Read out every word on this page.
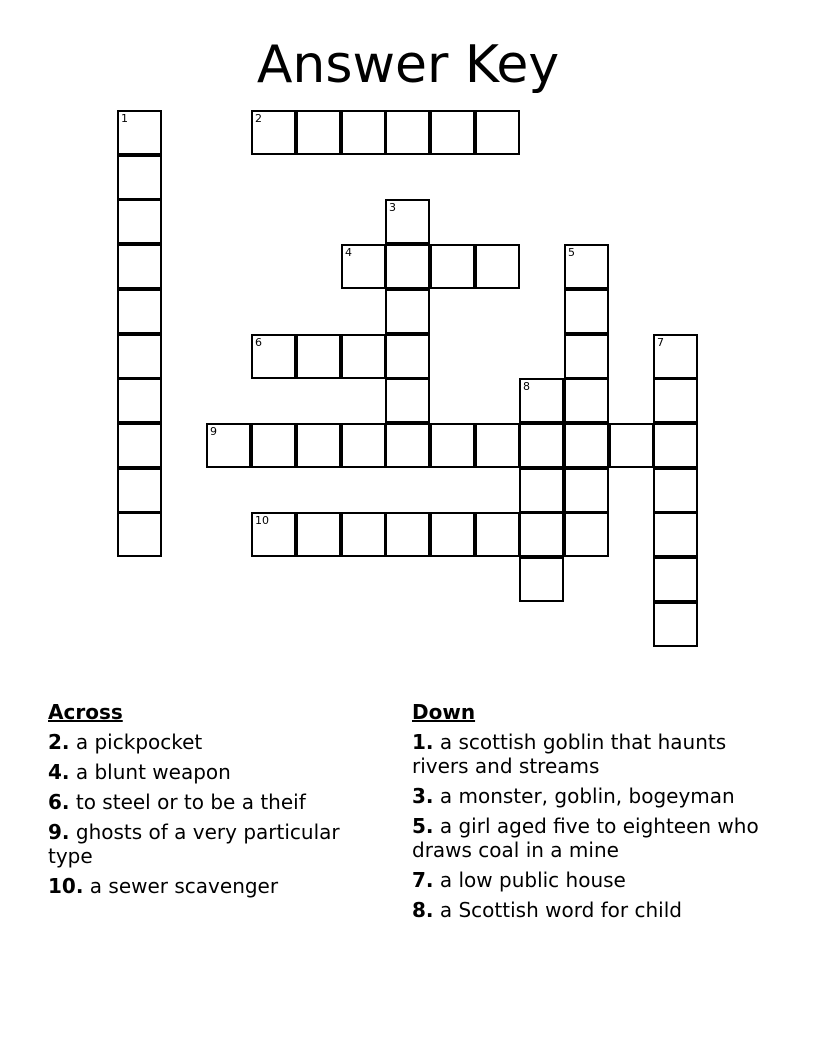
Answer Key
1	2
3
4	5
6	7
8
9
10
Across
2. a pickpocket
4. a blunt weapon
6. to steel or to be a theif
9. ghosts of a very particular type
10. a sewer scavenger
Down
1. a scottish goblin that haunts rivers and streams
3. a monster, goblin, bogeyman
5. a girl aged five to eighteen who draws coal in a mine
7. a low public house
8. a Scottish word for child
